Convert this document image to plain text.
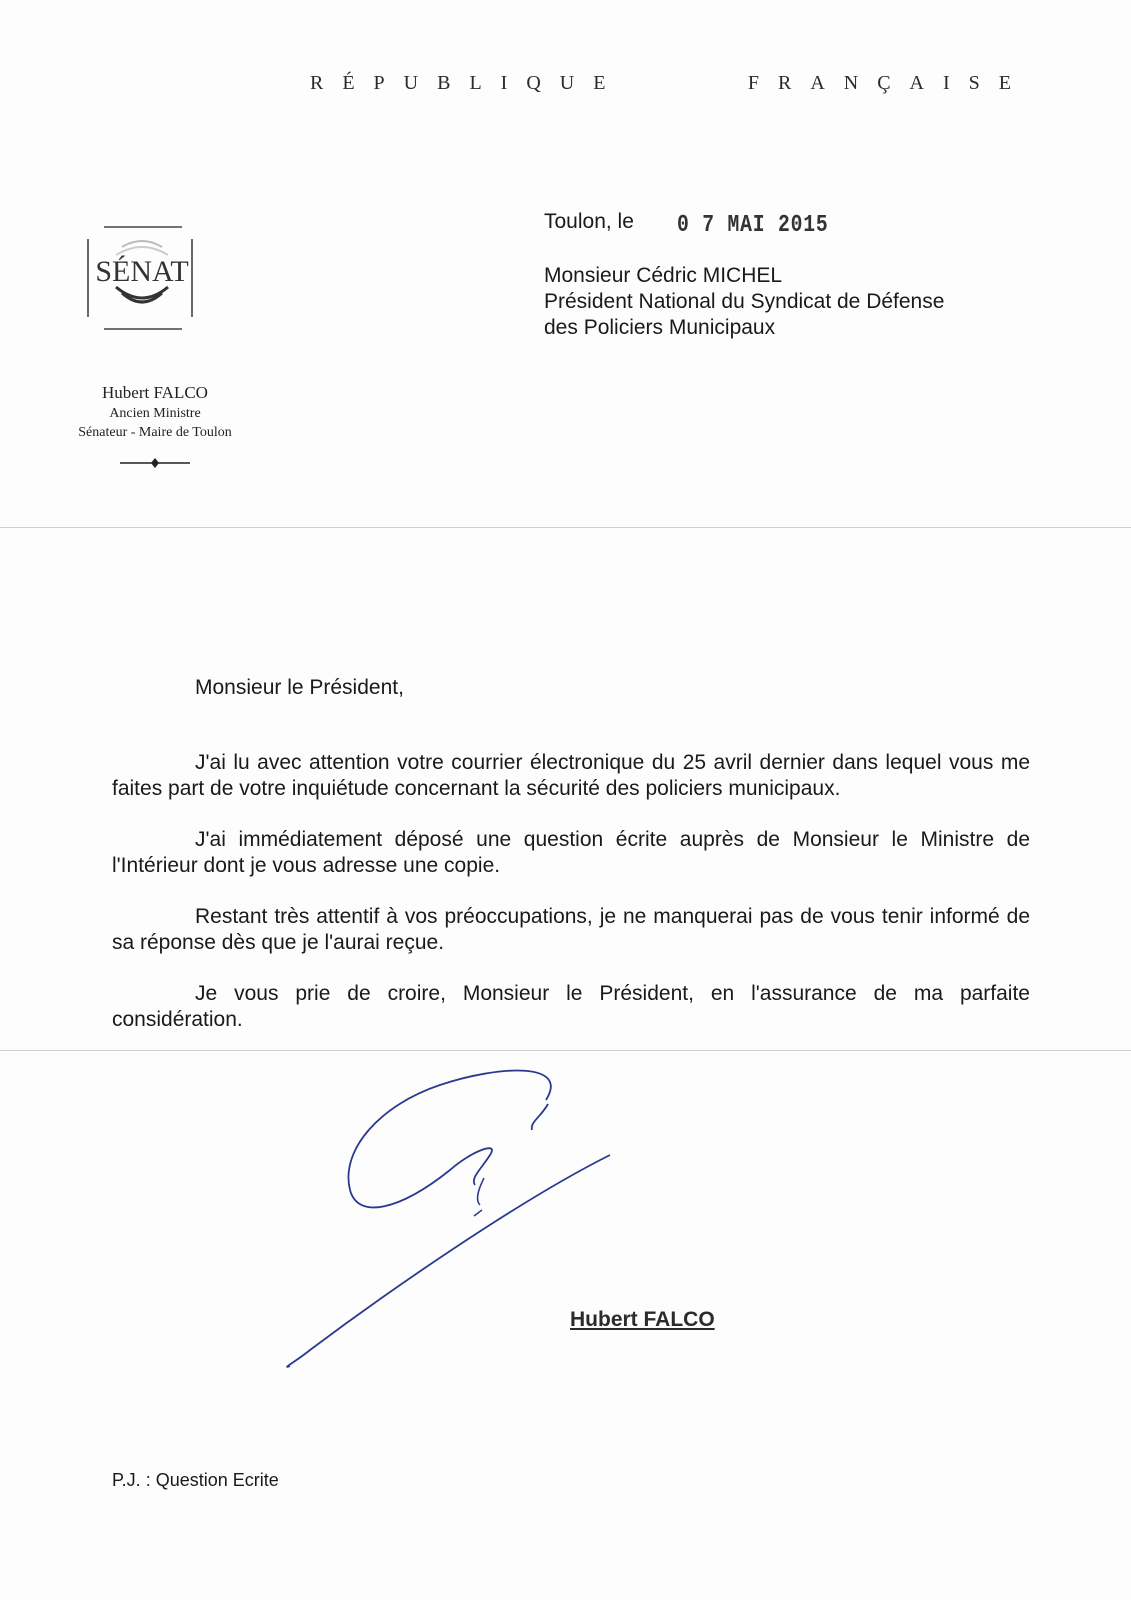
RÉPUBLIQUE	FRANÇAISE
SÉNAT
Hubert FALCO
Ancien Ministre
Sénateur - Maire de Toulon
Toulon, le 0 7 MAI 2015
Monsieur Cédric MICHEL
Président National du Syndicat de Défense
des Policiers Municipaux
Monsieur le Président,

J'ai lu avec attention votre courrier électronique du 25 avril dernier dans lequel vous me faites part de votre inquiétude concernant la sécurité des policiers municipaux.

J'ai immédiatement déposé une question écrite auprès de Monsieur le Ministre de l'Intérieur dont je vous adresse une copie.

Restant très attentif à vos préoccupations, je ne manquerai pas de vous tenir informé de sa réponse dès que je l'aurai reçue.

Je vous prie de croire, Monsieur le Président, en l'assurance de ma parfaite considération.

Hubert FALCO
P.J. : Question Ecrite
